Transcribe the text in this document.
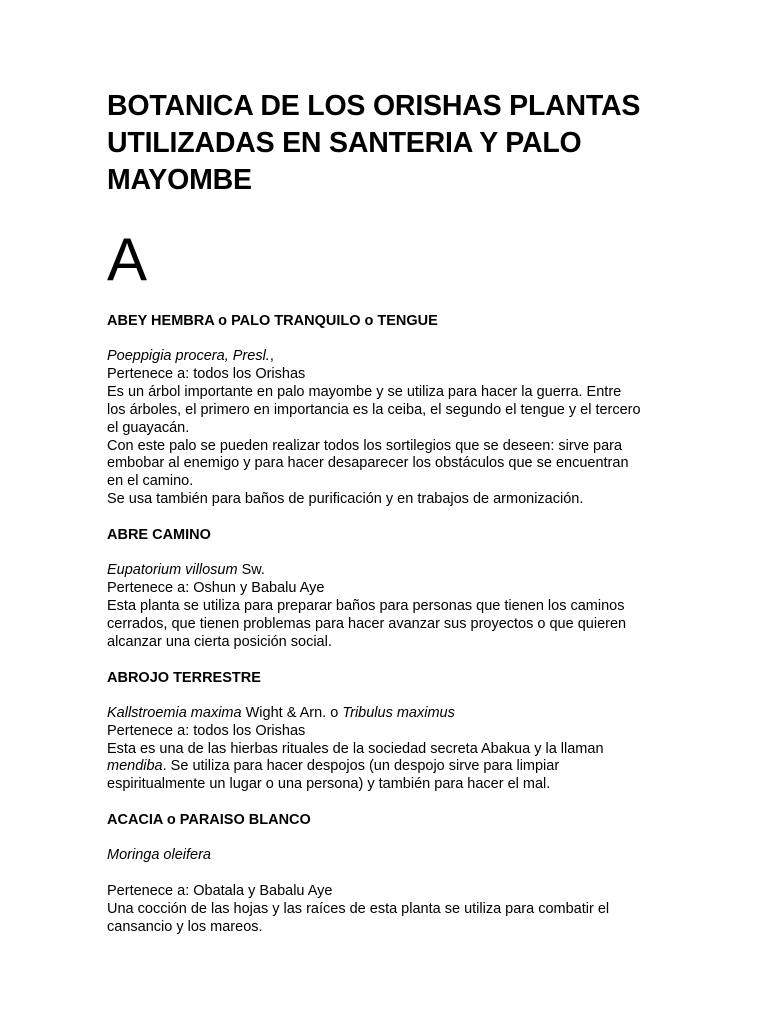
BOTANICA DE LOS ORISHAS PLANTAS
UTILIZADAS EN SANTERIA Y PALO
MAYOMBE
A
ABEY HEMBRA o PALO TRANQUILO o TENGUE
Poeppigia procera, Presl.,
Pertenece a: todos los Orishas
Es un árbol importante en palo mayombe y se utiliza para hacer la guerra. Entre
los árboles, el primero en importancia es la ceiba, el segundo el tengue y el tercero
el guayacán.
Con este palo se pueden realizar todos los sortilegios que se deseen: sirve para
embobar al enemigo y para hacer desaparecer los obstáculos que se encuentran
en el camino.
Se usa también para baños de purificación y en trabajos de armonización.
ABRE CAMINO
Eupatorium villosum Sw.
Pertenece a: Oshun y Babalu Aye
Esta planta se utiliza para preparar baños para personas que tienen los caminos
cerrados, que tienen problemas para hacer avanzar sus proyectos o que quieren
alcanzar una cierta posición social.
ABROJO TERRESTRE
Kallstroemia maxima Wight & Arn. o Tribulus maximus
Pertenece a: todos los Orishas
Esta es una de las hierbas rituales de la sociedad secreta Abakua y la llaman
mendiba. Se utiliza para hacer despojos (un despojo sirve para limpiar
espiritualmente un lugar o una persona) y también para hacer el mal.
ACACIA o PARAISO BLANCO
Moringa oleifera
Pertenece a: Obatala y Babalu Aye
Una cocción de las hojas y las raíces de esta planta se utiliza para combatir el
cansancio y los mareos.
